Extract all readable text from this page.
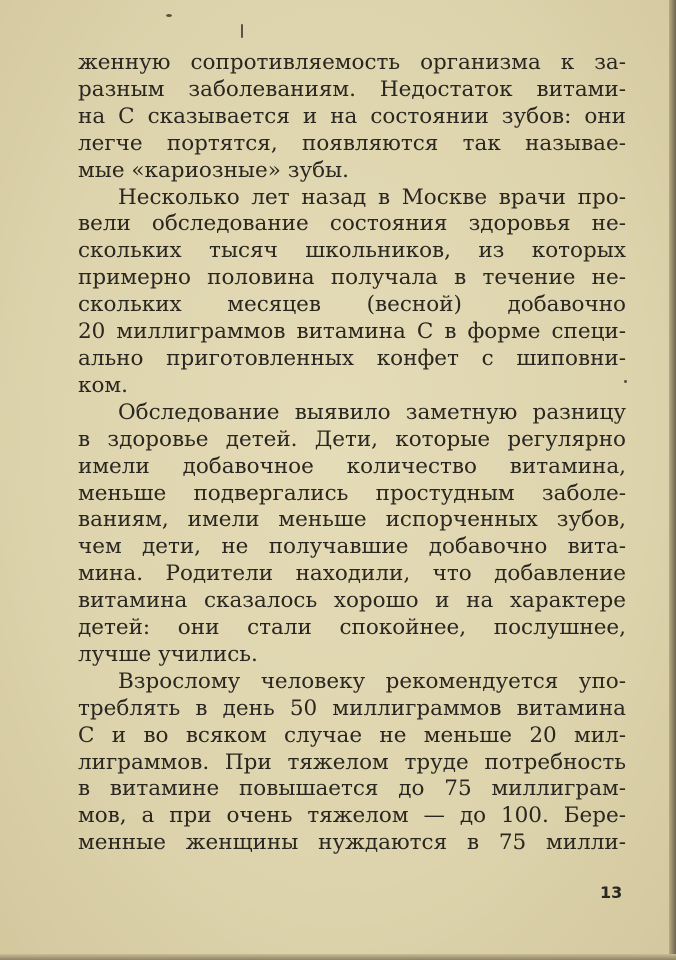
женную сопротивляемость организма к за-
разным заболеваниям. Недостаток витами-
на С сказывается и на состоянии зубов: они
легче портятся, появляются так называе-
мые «кариозные» зубы.
Несколько лет назад в Москве врачи про-
вели обследование состояния здоровья не-
скольких тысяч школьников, из которых
примерно половина получала в течение не-
скольких месяцев (весной) добавочно
20 миллиграммов витамина С в форме специ-
ально приготовленных конфет с шиповни-
ком.
Обследование выявило заметную разницу
в здоровье детей. Дети, которые регулярно
имели добавочное количество витамина,
меньше подвергались простудным заболе-
ваниям, имели меньше испорченных зубов,
чем дети, не получавшие добавочно вита-
мина. Родители находили, что добавление
витамина сказалось хорошо и на характере
детей: они стали спокойнее, послушнее,
лучше учились.
Взрослому человеку рекомендуется упо-
треблять в день 50 миллиграммов витамина
С и во всяком случае не меньше 20 мил-
лиграммов. При тяжелом труде потребность
в витамине повышается до 75 миллиграм-
мов, а при очень тяжелом — до 100. Бере-
менные женщины нуждаются в 75 милли-
13
